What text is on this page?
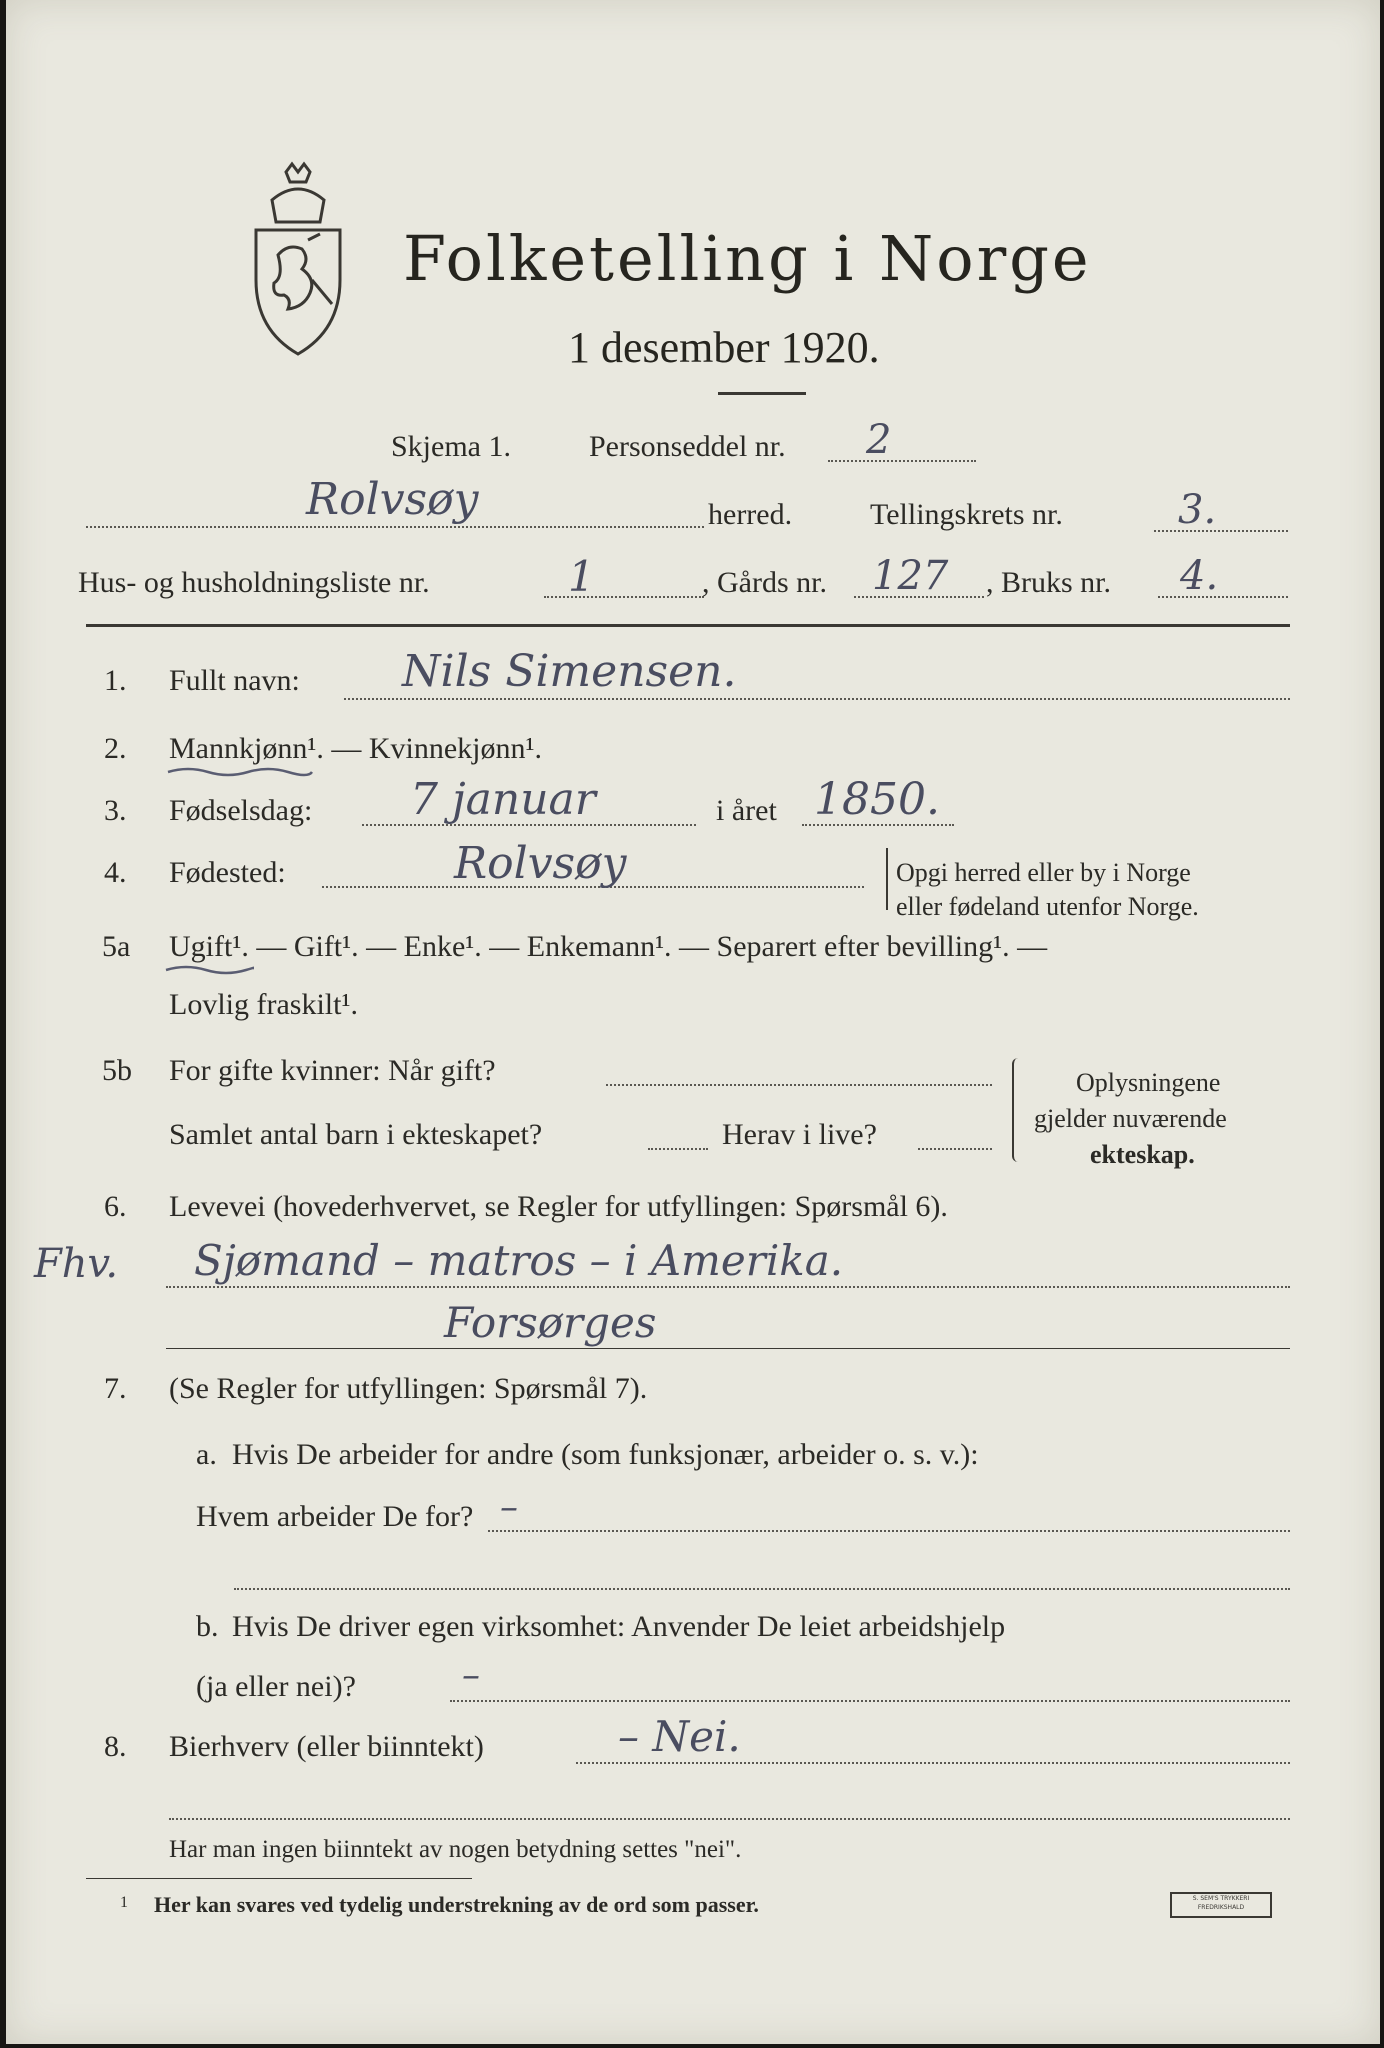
Folketelling i Norge
1 desember 1920.
Skjema 1.	Personseddel nr. 2
Rolvsøy	herred.	Tellingskrets nr.	3.
Hus- og husholdningsliste nr.	1	, Gårds nr. 127 , Bruks nr. 4.
1. Fullt navn: Nils Simensen.
2. Mannkjønn¹. — Kvinnekjønn¹.
3. Fødselsdag: 7 januar	i året 1850.
4. Fødested:	Rolvsøy	Opgi herred eller by i Norge
eller fødeland utenfor Norge.
5a Ugift¹. — Gift¹. — Enke¹. — Enkemann¹. — Separert efter bevilling¹. —
Lovlig fraskilt¹.
5b For gifte kvinner: Når gift?
Samlet antal barn i ekteskapet?	Herav i live?
Oplysningene
gjelder nuværende
ekteskap.
6. Levevei (hovederhvervet, se Regler for utfyllingen: Spørsmål 6).
Fhv. Sjømand – matros – i Amerika.
Forsørges
7. (Se Regler for utfyllingen: Spørsmål 7).
a. Hvis De arbeider for andre (som funksjonær, arbeider o. s. v.):
Hvem arbeider De for? –
b. Hvis De driver egen virksomhet: Anvender De leiet arbeidshjelp
(ja eller nei)?	–
8. Bierhverv (eller biinntekt)	– Nei.
Har man ingen biinntekt av nogen betydning settes "nei".
1 Her kan svares ved tydelig understrekning av de ord som passer.	S. SEM'S TRYKKERI FREDRIKSHALD
